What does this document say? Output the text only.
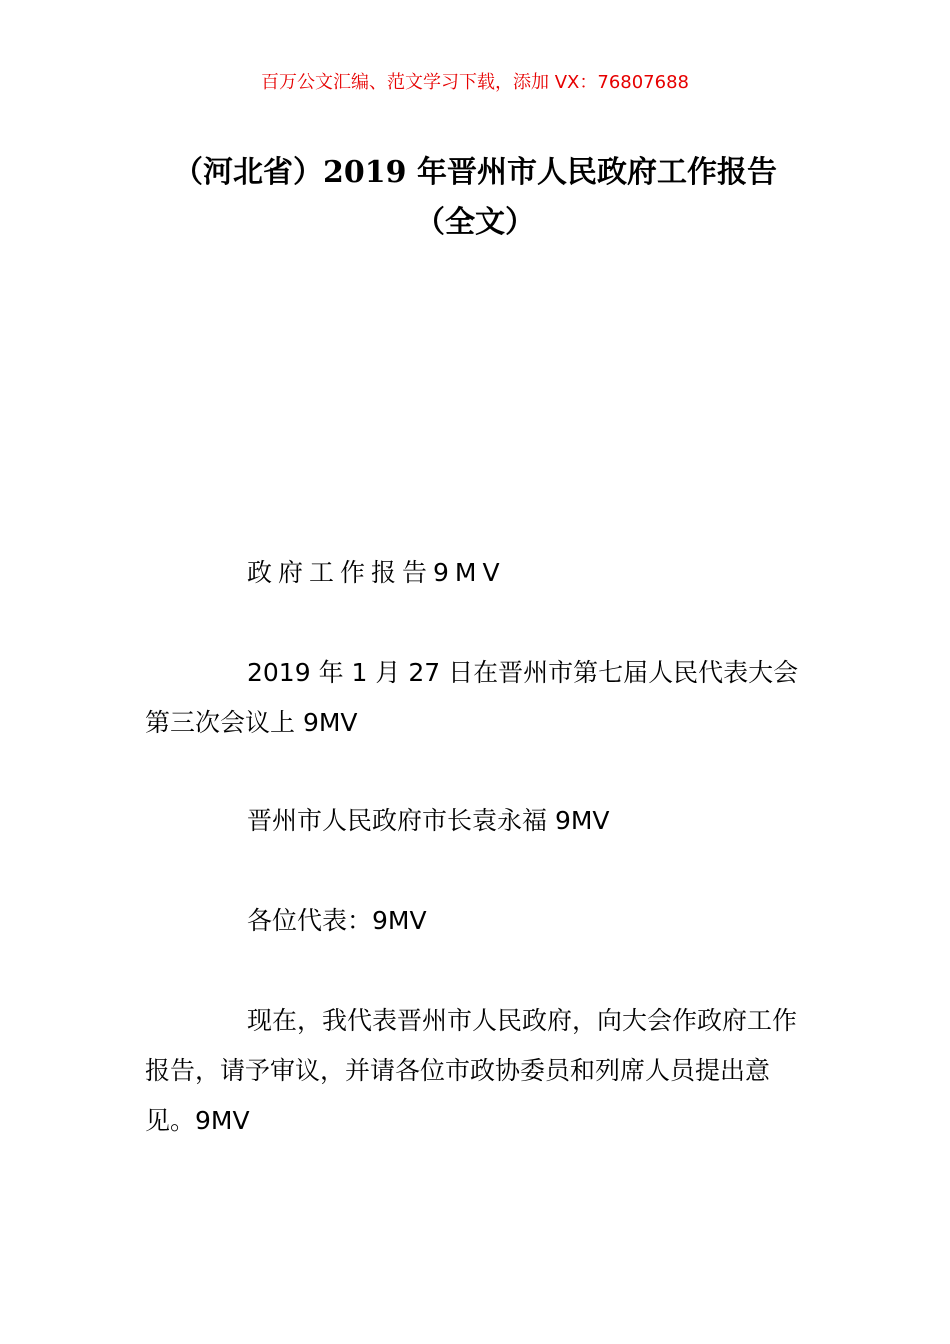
百万公文汇编、范文学习下载，添加 VX：76807688
（河北省）2019 年晋州市人民政府工作报告（全文）
政府工作报告9MV
2019 年 1 月 27 日在晋州市第七届人民代表大会第三次会议上 9MV
晋州市人民政府市长袁永福 9MV
各位代表：9MV
现在，我代表晋州市人民政府，向大会作政府工作报告，请予审议，并请各位市政协委员和列席人员提出意见。9MV
